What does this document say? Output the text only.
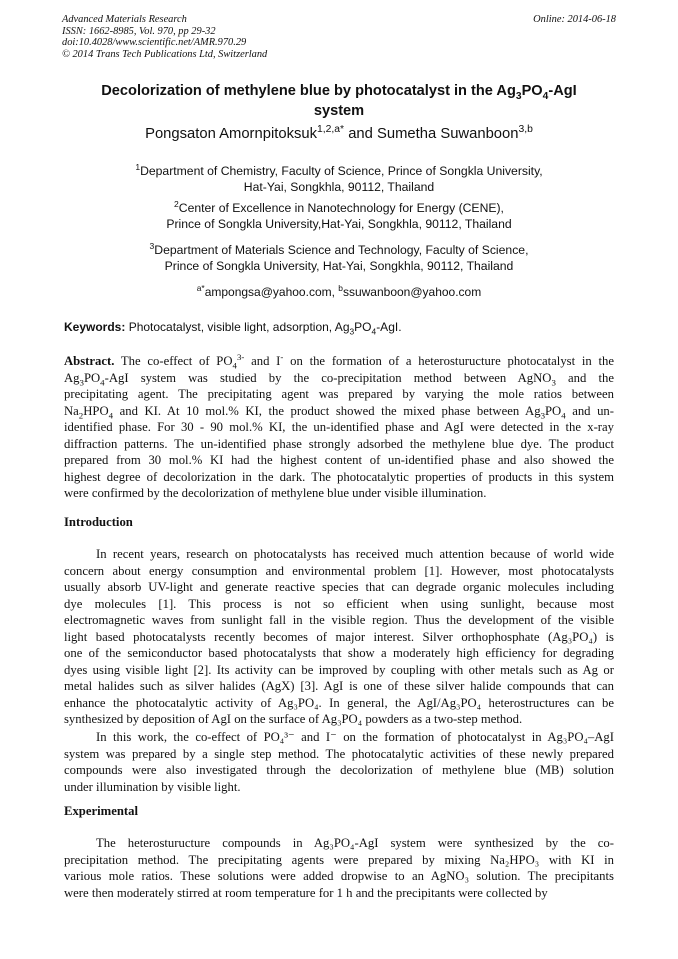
Advanced Materials Research
ISSN: 1662-8985, Vol. 970, pp 29-32
doi:10.4028/www.scientific.net/AMR.970.29
© 2014 Trans Tech Publications Ltd, Switzerland
Online: 2014-06-18
Decolorization of methylene blue by photocatalyst in the $Ag_3PO_4$-AgI
system
Pongsaton Amornpitoksuk$^{1,2,a*}$ and Sumetha Suwanboon$^{3,b}$
$^1$Department of Chemistry, Faculty of Science, Prince of Songkla University,
Hat-Yai, Songkhla, 90112, Thailand
$^2$Center of Excellence in Nanotechnology for Energy (CENE),
Prince of Songkla University,Hat-Yai, Songkhla, 90112, Thailand
$^3$Department of Materials Science and Technology, Faculty of Science,
Prince of Songkla University, Hat-Yai, Songkhla, 90112, Thailand
$^{a*}$ampongsa@yahoo.com, $^b$ssuwanboon@yahoo.com
Keywords: Photocatalyst, visible light, adsorption, $Ag_3PO_4$-AgI.
Abstract. The co-effect of $PO_4^{3-}$ and I- on the formation of a heterosturucture photocatalyst in the
$Ag_3PO_4$-AgI system was studied by the co-precipitation method between AgNO$_3$ and the
precipitating agent. The precipitating agent was prepared by varying the mole ratios between
$Na_2HPO_4$ and KI. At 10 mol.% KI, the product showed the mixed phase between $Ag_3PO_4$ and un-
identified phase. For 30 - 90 mol.% KI, the un-identified phase and AgI were detected in the x-ray
diffraction patterns. The un-identified phase strongly adsorbed the methylene blue dye. The product
prepared from 30 mol.% KI had the highest content of un-identified phase and also showed the
highest degree of decolorization in the dark. The photocatalytic properties of products in this system
were confirmed by the decolorization of methylene blue under visible illumination.
Introduction
In recent years, research on photocatalysts has received much attention because of world wide
concern about energy consumption and environmental problem [1]. However, most photocatalysts
usually absorb UV-light and generate reactive species that can degrade organic molecules including
dye molecules [1]. This process is not so efficient when using sunlight, because most
electromagnetic waves from sunlight fall in the visible region. Thus the development of the visible
light based photocatalysts recently becomes of major interest. Silver orthophosphate (Ag₃PO₄) is
one of the semiconductor based photocatalysts that show a moderately high efficiency for degrading
dyes using visible light [2]. Its activity can be improved by coupling with other metals such as Ag or
metal halides such as silver halides (AgX) [3]. AgI is one of these silver halide compounds that can
enhance the photocatalytic activity of Ag₃PO₄. In general, the AgI/Ag₃PO₄ heterostructures can be
synthesized by deposition of AgI on the surface of Ag₃PO₄ powders as a two-step method.
In this work, the co-effect of PO₄³⁻ and I⁻ on the formation of photocatalyst in Ag₃PO₄–AgI
system was prepared by a single step method. The photocatalytic activities of these newly prepared
compounds were also investigated through the decolorization of methylene blue (MB) solution
under illumination by visible light.
Experimental
The heterosturucture compounds in Ag₃PO₄-AgI system were synthesized by the co-
precipitation method. The precipitating agents were prepared by mixing Na₂HPO₃ with KI in
various mole ratios. These solutions were added dropwise to an AgNO₃ solution. The precipitants
were then moderately stirred at room temperature for 1 h and the precipitants were collected by
